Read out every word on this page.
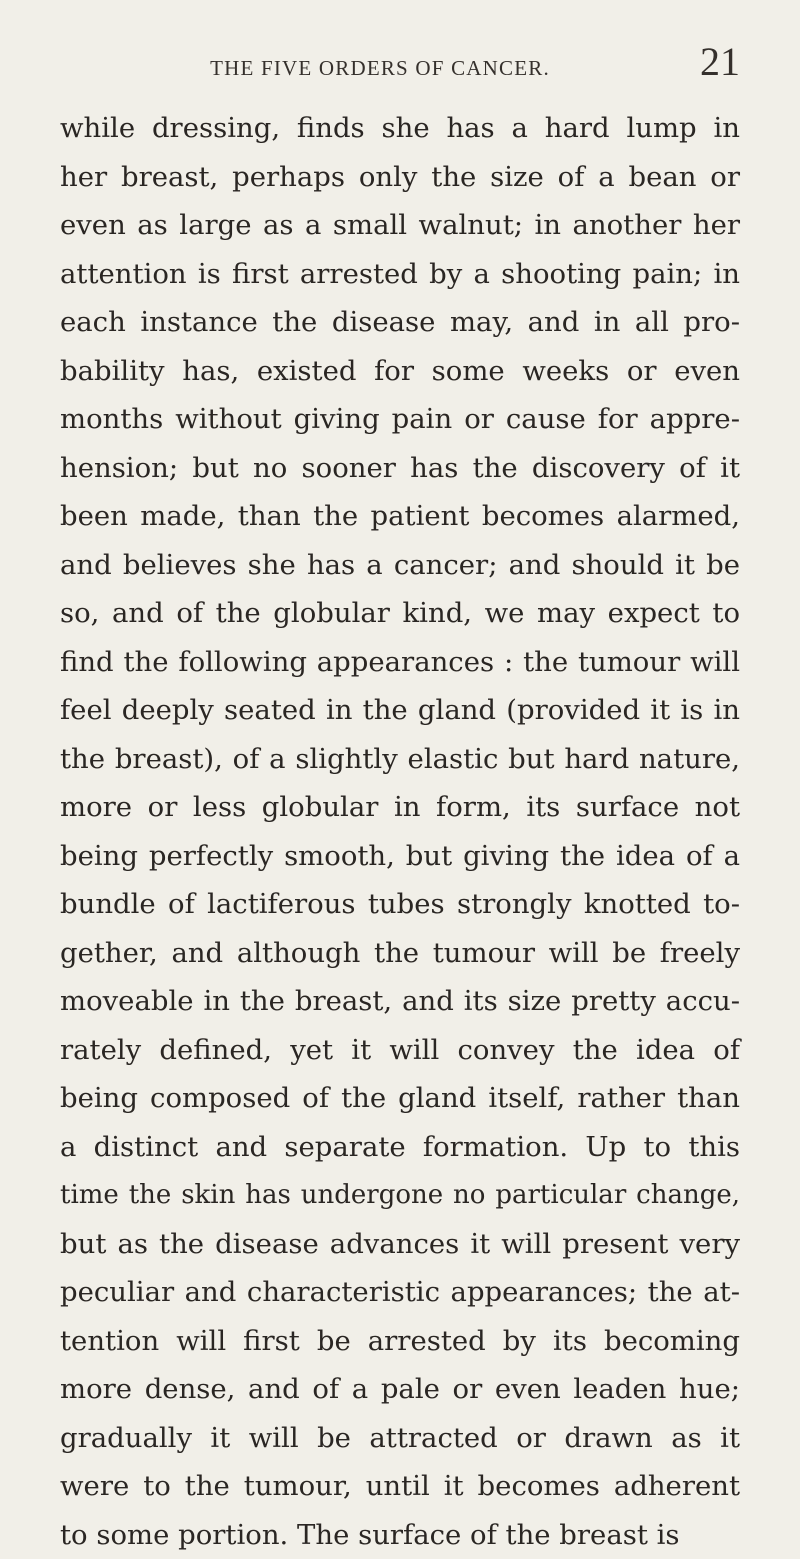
THE FIVE ORDERS OF CANCER.	21
while dressing, finds she has a hard lump in
her breast, perhaps only the size of a bean or
even as large as a small walnut; in another her
attention is first arrested by a shooting pain; in
each instance the disease may, and in all pro-
bability has, existed for some weeks or even
months without giving pain or cause for appre-
hension; but no sooner has the discovery of it
been made, than the patient becomes alarmed,
and believes she has a cancer; and should it be
so, and of the globular kind, we may expect to
find the following appearances : the tumour will
feel deeply seated in the gland (provided it is in
the breast), of a slightly elastic but hard nature,
more or less globular in form, its surface not
being perfectly smooth, but giving the idea of a
bundle of lactiferous tubes strongly knotted to-
gether, and although the tumour will be freely
moveable in the breast, and its size pretty accu-
rately defined, yet it will convey the idea of
being composed of the gland itself, rather than
a distinct and separate formation. Up to this
time the skin has undergone no particular change,
but as the disease advances it will present very
peculiar and characteristic appearances; the at-
tention will first be arrested by its becoming
more dense, and of a pale or even leaden hue;
gradually it will be attracted or drawn as it
were to the tumour, until it becomes adherent
to some portion. The surface of the breast is
